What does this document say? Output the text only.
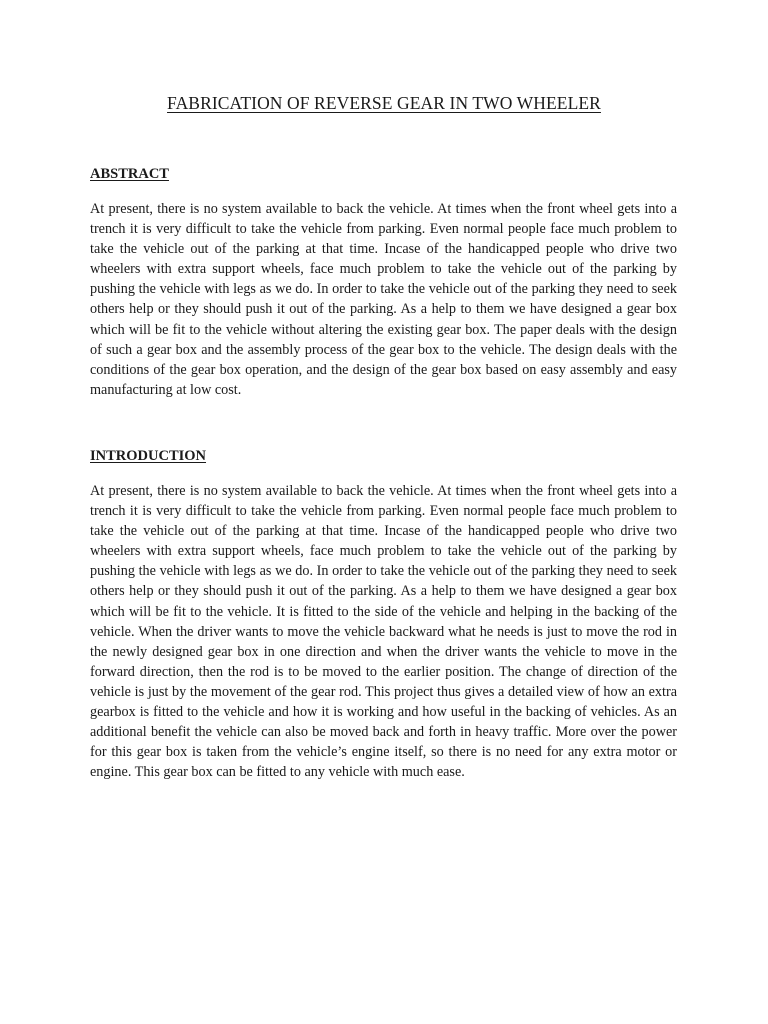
FABRICATION OF REVERSE GEAR IN TWO WHEELER
ABSTRACT

At present, there is no system available to back the vehicle. At times when the front wheel gets into a trench it is very difficult to take the vehicle from parking. Even normal people face much problem to take the vehicle out of the parking at that time. Incase of the handicapped people who drive two wheelers with extra support wheels, face much problem to take the vehicle out of the parking by pushing the vehicle with legs as we do. In order to take the vehicle out of the parking they need to seek others help or they should push it out of the parking. As a help to them we have designed a gear box which will be fit to the vehicle without altering the existing gear box. The paper deals with the design of such a gear box and the assembly process of the gear box to the vehicle. The design deals with the conditions of the gear box operation, and the design of the gear box based on easy assembly and easy manufacturing at low cost.

INTRODUCTION

At present, there is no system available to back the vehicle. At times when the front wheel gets into a trench it is very difficult to take the vehicle from parking. Even normal people face much problem to take the vehicle out of the parking at that time. Incase of the handicapped people who drive two wheelers with extra support wheels, face much problem to take the vehicle out of the parking by pushing the vehicle with legs as we do. In order to take the vehicle out of the parking they need to seek others help or they should push it out of the parking. As a help to them we have designed a gear box which will be fit to the vehicle. It is fitted to the side of the vehicle and helping in the backing of the vehicle. When the driver wants to move the vehicle backward what he needs is just to move the rod in the newly designed gear box in one direction and when the driver wants the vehicle to move in the forward direction, then the rod is to be moved to the earlier position. The change of direction of the vehicle is just by the movement of the gear rod. This project thus gives a detailed view of how an extra gearbox is fitted to the vehicle and how it is working and how useful in the backing of vehicles. As an additional benefit the vehicle can also be moved back and forth in heavy traffic. More over the power for this gear box is taken from the vehicle’s engine itself, so there is no need for any extra motor or engine. This gear box can be fitted to any vehicle with much ease.
